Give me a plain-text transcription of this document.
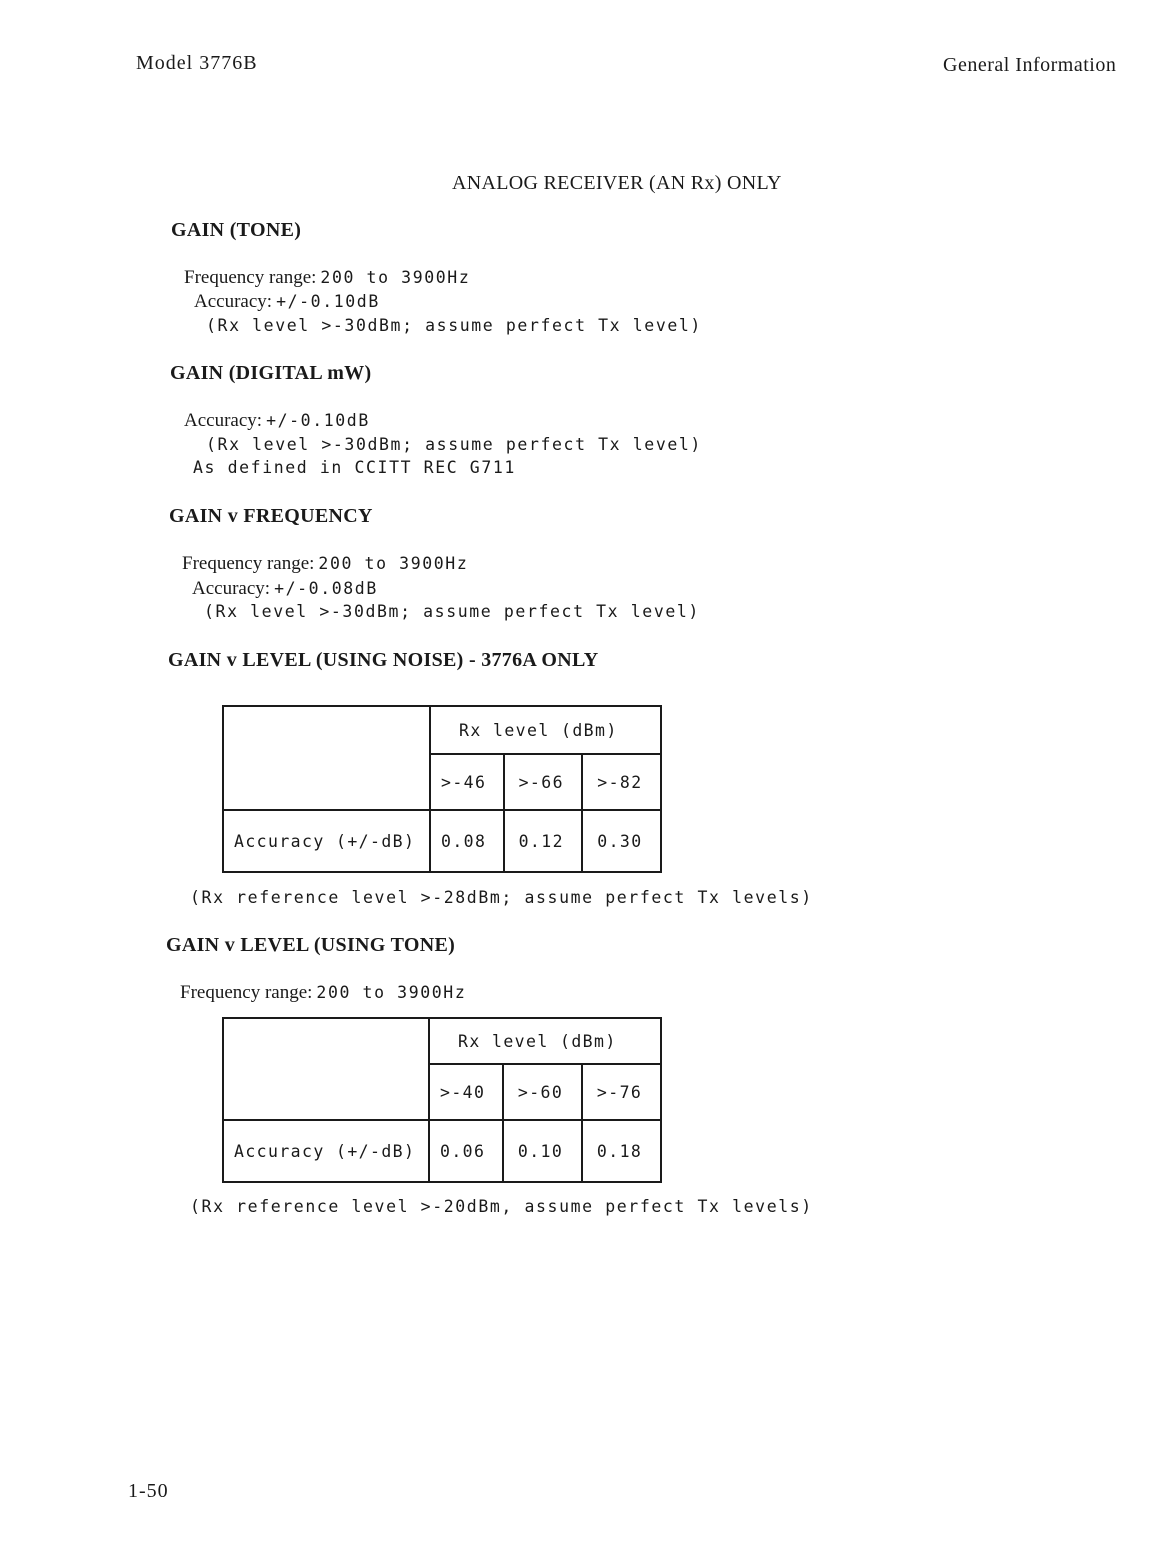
Model 3776B	General Information
ANALOG RECEIVER (AN Rx) ONLY
GAIN (TONE)
Frequency range: 200 to 3900Hz
Accuracy: +/-0.10dB
(Rx level >-30dBm; assume perfect Tx level)
GAIN (DIGITAL mW)
Accuracy: +/-0.10dB
(Rx level >-30dBm; assume perfect Tx level)
As defined in CCITT REC G711
GAIN v FREQUENCY
Frequency range: 200 to 3900Hz
Accuracy: +/-0.08dB
(Rx level >-30dBm; assume perfect Tx level)
GAIN v LEVEL (USING NOISE) - 3776A ONLY
	Rx level (dBm)		
	>-46	>-66	>-82
Accuracy (+/-dB)	0.08	0.12	0.30
(Rx reference level >-28dBm; assume perfect Tx levels)
GAIN v LEVEL (USING TONE)
Frequency range: 200 to 3900Hz
	Rx level (dBm)		
	>-40	>-60	>-76
Accuracy (+/-dB)	0.06	0.10	0.18
(Rx reference level >-20dBm, assume perfect Tx levels)
1-50
